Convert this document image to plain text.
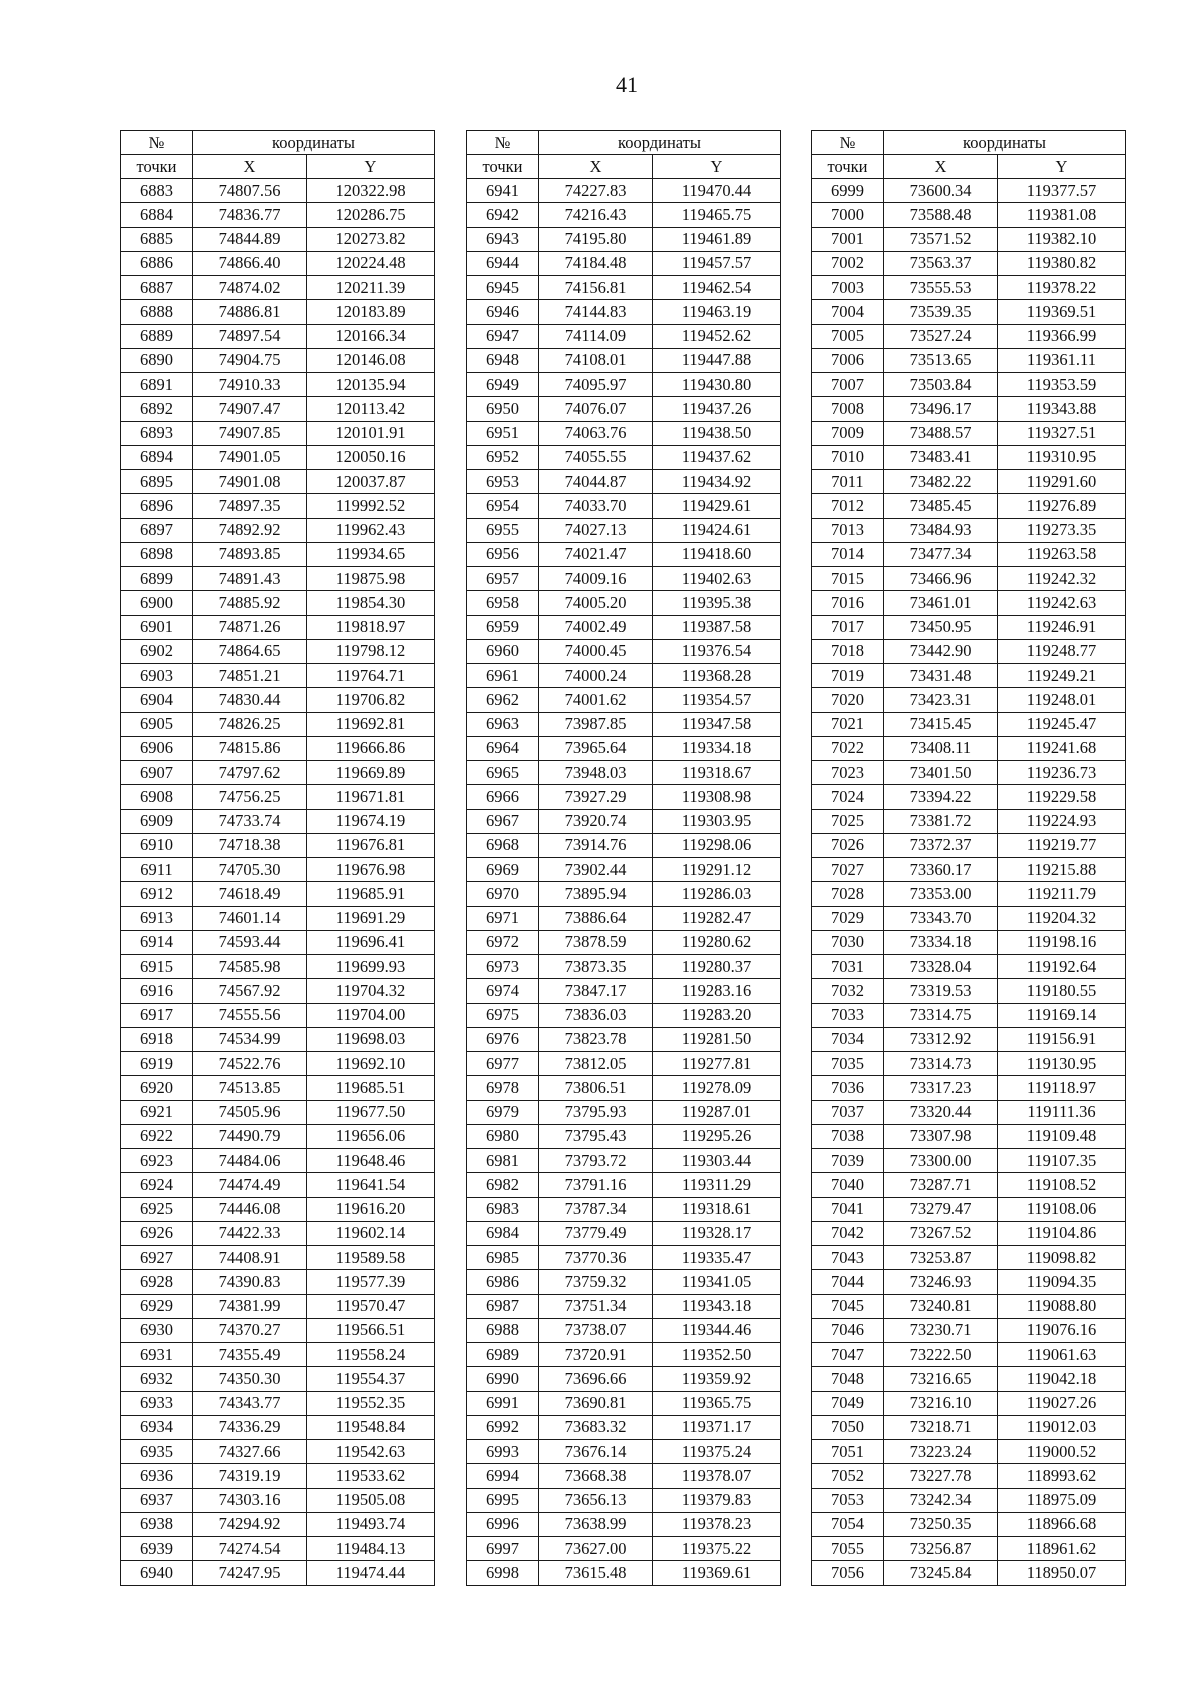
41
№	координаты	
точки	X	Y
6883	74807.56	120322.98
6884	74836.77	120286.75
6885	74844.89	120273.82
6886	74866.40	120224.48
6887	74874.02	120211.39
6888	74886.81	120183.89
6889	74897.54	120166.34
6890	74904.75	120146.08
6891	74910.33	120135.94
6892	74907.47	120113.42
6893	74907.85	120101.91
6894	74901.05	120050.16
6895	74901.08	120037.87
6896	74897.35	119992.52
6897	74892.92	119962.43
6898	74893.85	119934.65
6899	74891.43	119875.98
6900	74885.92	119854.30
6901	74871.26	119818.97
6902	74864.65	119798.12
6903	74851.21	119764.71
6904	74830.44	119706.82
6905	74826.25	119692.81
6906	74815.86	119666.86
6907	74797.62	119669.89
6908	74756.25	119671.81
6909	74733.74	119674.19
6910	74718.38	119676.81
6911	74705.30	119676.98
6912	74618.49	119685.91
6913	74601.14	119691.29
6914	74593.44	119696.41
6915	74585.98	119699.93
6916	74567.92	119704.32
6917	74555.56	119704.00
6918	74534.99	119698.03
6919	74522.76	119692.10
6920	74513.85	119685.51
6921	74505.96	119677.50
6922	74490.79	119656.06
6923	74484.06	119648.46
6924	74474.49	119641.54
6925	74446.08	119616.20
6926	74422.33	119602.14
6927	74408.91	119589.58
6928	74390.83	119577.39
6929	74381.99	119570.47
6930	74370.27	119566.51
6931	74355.49	119558.24
6932	74350.30	119554.37
6933	74343.77	119552.35
6934	74336.29	119548.84
6935	74327.66	119542.63
6936	74319.19	119533.62
6937	74303.16	119505.08
6938	74294.92	119493.74
6939	74274.54	119484.13
6940	74247.95	119474.44
№	координаты	
точки	X	Y
6941	74227.83	119470.44
6942	74216.43	119465.75
6943	74195.80	119461.89
6944	74184.48	119457.57
6945	74156.81	119462.54
6946	74144.83	119463.19
6947	74114.09	119452.62
6948	74108.01	119447.88
6949	74095.97	119430.80
6950	74076.07	119437.26
6951	74063.76	119438.50
6952	74055.55	119437.62
6953	74044.87	119434.92
6954	74033.70	119429.61
6955	74027.13	119424.61
6956	74021.47	119418.60
6957	74009.16	119402.63
6958	74005.20	119395.38
6959	74002.49	119387.58
6960	74000.45	119376.54
6961	74000.24	119368.28
6962	74001.62	119354.57
6963	73987.85	119347.58
6964	73965.64	119334.18
6965	73948.03	119318.67
6966	73927.29	119308.98
6967	73920.74	119303.95
6968	73914.76	119298.06
6969	73902.44	119291.12
6970	73895.94	119286.03
6971	73886.64	119282.47
6972	73878.59	119280.62
6973	73873.35	119280.37
6974	73847.17	119283.16
6975	73836.03	119283.20
6976	73823.78	119281.50
6977	73812.05	119277.81
6978	73806.51	119278.09
6979	73795.93	119287.01
6980	73795.43	119295.26
6981	73793.72	119303.44
6982	73791.16	119311.29
6983	73787.34	119318.61
6984	73779.49	119328.17
6985	73770.36	119335.47
6986	73759.32	119341.05
6987	73751.34	119343.18
6988	73738.07	119344.46
6989	73720.91	119352.50
6990	73696.66	119359.92
6991	73690.81	119365.75
6992	73683.32	119371.17
6993	73676.14	119375.24
6994	73668.38	119378.07
6995	73656.13	119379.83
6996	73638.99	119378.23
6997	73627.00	119375.22
6998	73615.48	119369.61
№	координаты	
точки	X	Y
6999	73600.34	119377.57
7000	73588.48	119381.08
7001	73571.52	119382.10
7002	73563.37	119380.82
7003	73555.53	119378.22
7004	73539.35	119369.51
7005	73527.24	119366.99
7006	73513.65	119361.11
7007	73503.84	119353.59
7008	73496.17	119343.88
7009	73488.57	119327.51
7010	73483.41	119310.95
7011	73482.22	119291.60
7012	73485.45	119276.89
7013	73484.93	119273.35
7014	73477.34	119263.58
7015	73466.96	119242.32
7016	73461.01	119242.63
7017	73450.95	119246.91
7018	73442.90	119248.77
7019	73431.48	119249.21
7020	73423.31	119248.01
7021	73415.45	119245.47
7022	73408.11	119241.68
7023	73401.50	119236.73
7024	73394.22	119229.58
7025	73381.72	119224.93
7026	73372.37	119219.77
7027	73360.17	119215.88
7028	73353.00	119211.79
7029	73343.70	119204.32
7030	73334.18	119198.16
7031	73328.04	119192.64
7032	73319.53	119180.55
7033	73314.75	119169.14
7034	73312.92	119156.91
7035	73314.73	119130.95
7036	73317.23	119118.97
7037	73320.44	119111.36
7038	73307.98	119109.48
7039	73300.00	119107.35
7040	73287.71	119108.52
7041	73279.47	119108.06
7042	73267.52	119104.86
7043	73253.87	119098.82
7044	73246.93	119094.35
7045	73240.81	119088.80
7046	73230.71	119076.16
7047	73222.50	119061.63
7048	73216.65	119042.18
7049	73216.10	119027.26
7050	73218.71	119012.03
7051	73223.24	119000.52
7052	73227.78	118993.62
7053	73242.34	118975.09
7054	73250.35	118966.68
7055	73256.87	118961.62
7056	73245.84	118950.07
